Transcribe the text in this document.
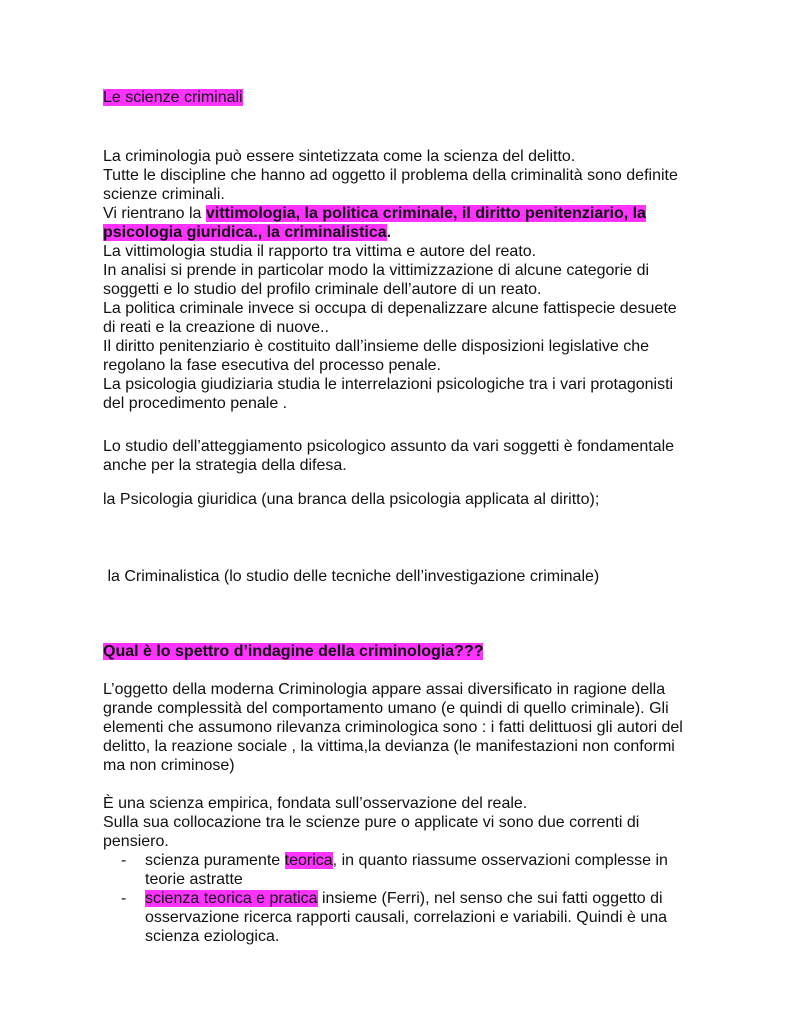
Le scienze criminali

La criminologia può essere sintetizzata come la scienza del delitto.

Tutte le discipline che hanno ad oggetto il problema della criminalità sono definite scienze criminali.

Vi rientrano la vittimologia, la politica criminale, il diritto penitenziario, la psicologia giuridica., la criminalistica.

La vittimologia studia il rapporto tra vittima e autore del reato.

In analisi si prende in particolar modo la vittimizzazione di alcune categorie di soggetti e lo studio del profilo criminale dell’autore di un reato.

La politica criminale invece si occupa di depenalizzare alcune fattispecie desuete di reati e la creazione di nuove..

Il diritto penitenziario è costituito dall’insieme delle disposizioni legislative che regolano la fase esecutiva del processo penale.

La psicologia giudiziaria studia le interrelazioni psicologiche tra i vari protagonisti del procedimento penale .

Lo studio dell’atteggiamento psicologico assunto da vari soggetti è fondamentale anche per la strategia della difesa.

la Psicologia giuridica (una branca della psicologia applicata al diritto);

la Criminalistica (lo studio delle tecniche dell’investigazione criminale)

Qual è lo spettro d’indagine della criminologia???

L’oggetto della moderna Criminologia appare assai diversificato in ragione della grande complessità del comportamento umano (e quindi di quello criminale). Gli elementi che assumono rilevanza criminologica sono : i fatti delittuosi gli autori del delitto, la reazione sociale , la vittima,la devianza (le manifestazioni non conformi ma non criminose)

È una scienza empirica, fondata sull’osservazione del reale.

Sulla sua collocazione tra le scienze pure o applicate vi sono due correnti di pensiero.

- scienza puramente teorica, in quanto riassume osservazioni complesse in teorie astratte
- scienza teorica e pratica insieme (Ferri), nel senso che sui fatti oggetto di osservazione ricerca rapporti causali, correlazioni e variabili. Quindi è una scienza eziologica.
